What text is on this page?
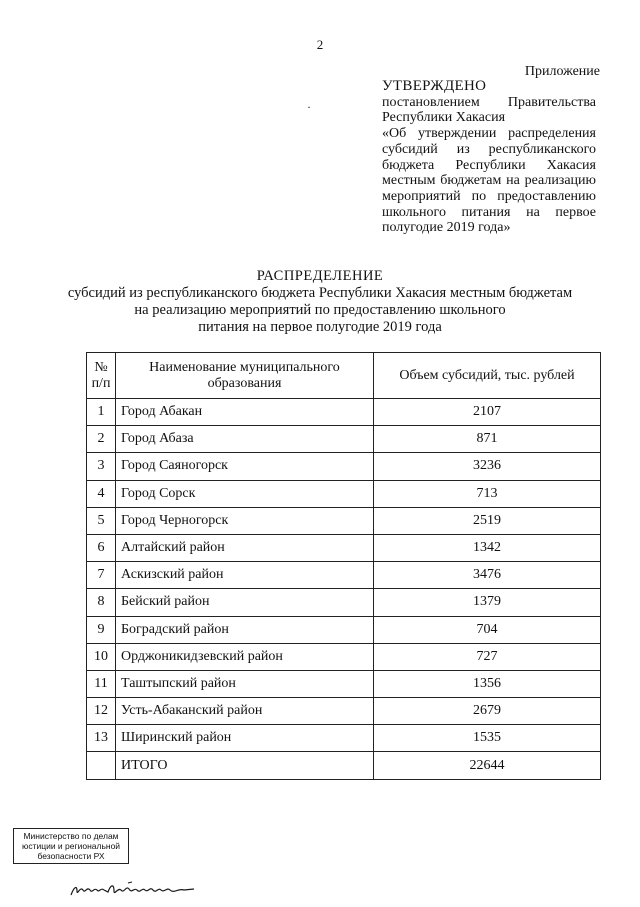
2
Приложение
·
УТВЕРЖДЕНО
постановлением Правительства
Республики Хакасия
«Об утверждении распределения
субсидий из республиканского
бюджета Республики Хакасия
местным бюджетам на реализацию
мероприятий по предоставлению
школьного питания на первое
полугодие 2019 года»
РАСПРЕДЕЛЕНИЕ
субсидий из республиканского бюджета Республики Хакасия местным бюджетам
на реализацию мероприятий по предоставлению школьного
питания на первое полугодие 2019 года
№ п/п	Наименование муниципального образования	Объем субсидий, тыс. рублей
1	Город Абакан	2107
2	Город Абаза	871
3	Город Саяногорск	3236
4	Город Сорск	713
5	Город Черногорск	2519
6	Алтайский район	1342
7	Аскизский район	3476
8	Бейский район	1379
9	Боградский район	704
10	Орджоникидзевский район	727
11	Таштыпский район	1356
12	Усть-Абаканский район	2679
13	Ширинский район	1535
	ИТОГО	22644
Министерство по делам
юстиции и региональной
безопасности РХ
